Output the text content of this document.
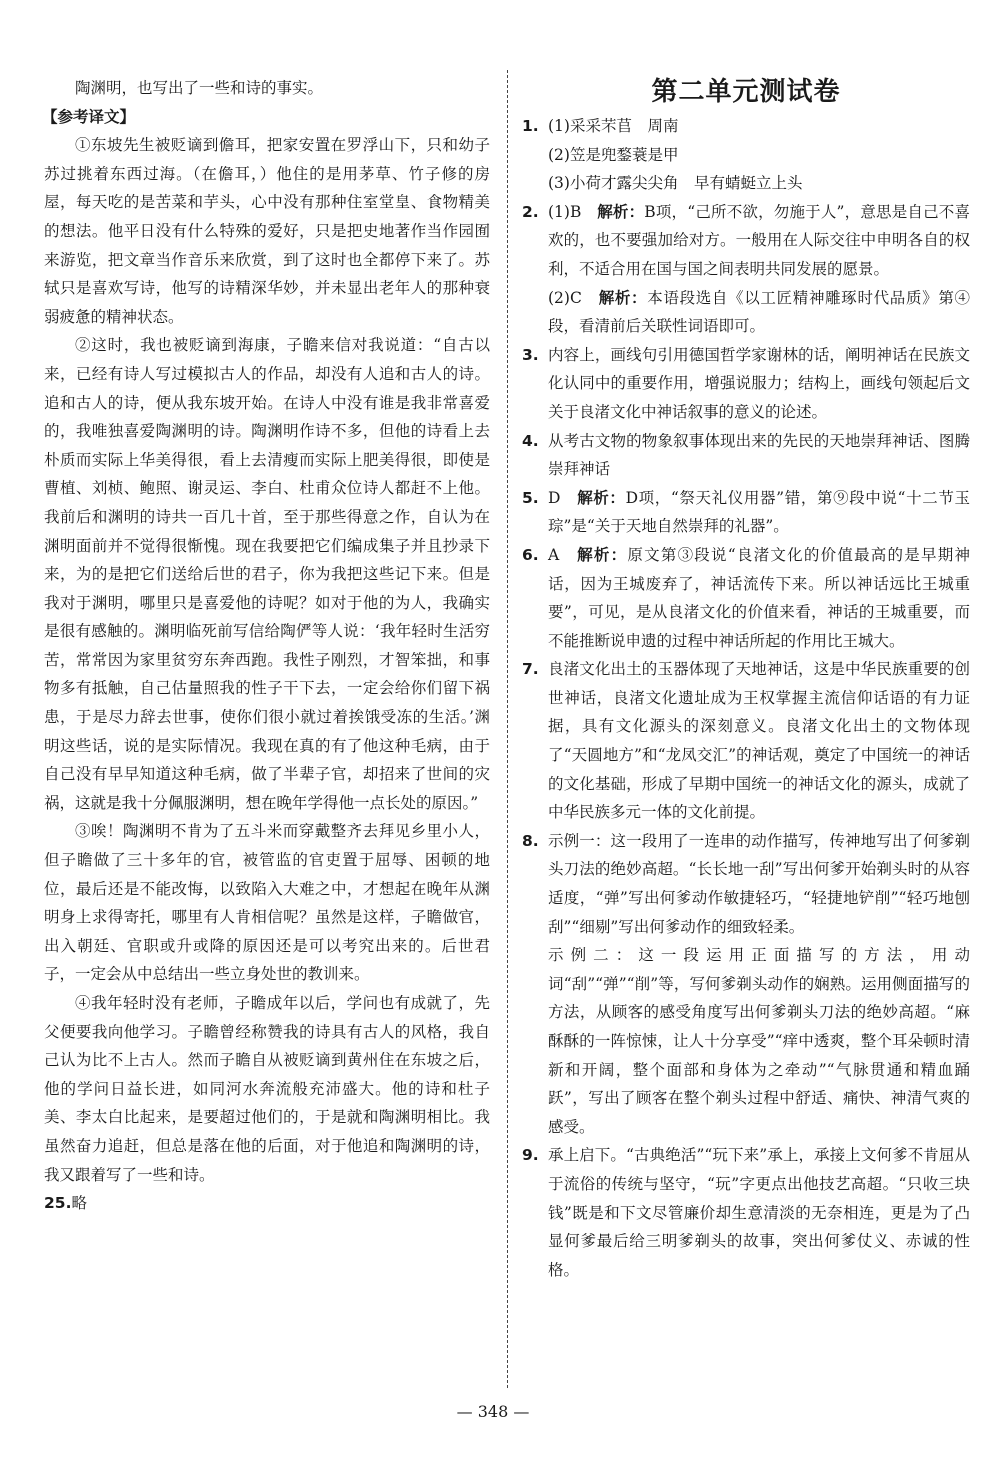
陶渊明，也写出了一些和诗的事实。

【参考译文】

①东坡先生被贬谪到儋耳，把家安置在罗浮山下，只和幼子苏过挑着东西过海。（在儋耳，）他住的是用茅草、竹子修的房屋，每天吃的是苦菜和芋头，心中没有那种住室堂皇、食物精美的想法。他平日没有什么特殊的爱好，只是把史地著作当作园囿来游览，把文章当作音乐来欣赏，到了这时也全都停下来了。苏轼只是喜欢写诗，他写的诗精深华妙，并未显出老年人的那种衰弱疲惫的精神状态。

②这时，我也被贬谪到海康，子瞻来信对我说道：“自古以来，已经有诗人写过模拟古人的作品，却没有人追和古人的诗。追和古人的诗，便从我东坡开始。在诗人中没有谁是我非常喜爱的，我唯独喜爱陶渊明的诗。陶渊明作诗不多，但他的诗看上去朴质而实际上华美得很，看上去清瘦而实际上肥美得很，即使是曹植、刘桢、鲍照、谢灵运、李白、杜甫众位诗人都赶不上他。我前后和渊明的诗共一百几十首，至于那些得意之作，自认为在渊明面前并不觉得很惭愧。现在我要把它们编成集子并且抄录下来，为的是把它们送给后世的君子，你为我把这些记下来。但是我对于渊明，哪里只是喜爱他的诗呢？如对于他的为人，我确实是很有感触的。渊明临死前写信给陶俨等人说：‘我年轻时生活穷苦，常常因为家里贫穷东奔西跑。我性子刚烈，才智笨拙，和事物多有抵触，自己估量照我的性子干下去，一定会给你们留下祸患，于是尽力辞去世事，使你们很小就过着挨饿受冻的生活。’渊明这些话，说的是实际情况。我现在真的有了他这种毛病，由于自己没有早早知道这种毛病，做了半辈子官，却招来了世间的灾祸，这就是我十分佩服渊明，想在晚年学得他一点长处的原因。”

③唉！陶渊明不肯为了五斗米而穿戴整齐去拜见乡里小人，但子瞻做了三十多年的官，被管监的官吏置于屈辱、困顿的地位，最后还是不能改悔，以致陷入大难之中，才想起在晚年从渊明身上求得寄托，哪里有人肯相信呢？虽然是这样，子瞻做官，出入朝廷、官职或升或降的原因还是可以考究出来的。后世君子，一定会从中总结出一些立身处世的教训来。

④我年轻时没有老师，子瞻成年以后，学问也有成就了，先父便要我向他学习。子瞻曾经称赞我的诗具有古人的风格，我自己认为比不上古人。然而子瞻自从被贬谪到黄州住在东坡之后，他的学问日益长进，如同河水奔流般充沛盛大。他的诗和杜子美、李太白比起来，是要超过他们的，于是就和陶渊明相比。我虽然奋力追赶，但总是落在他的后面，对于他追和陶渊明的诗，我又跟着写了一些和诗。

25.略

第二单元测试卷

1. (1)采采芣苢　周南

(2)笠是兜鍪蓑是甲

(3)小荷才露尖尖角　早有蜻蜓立上头

2. (1)B　 解析：B项，“己所不欲，勿施于人”，意思是自己不喜欢的，也不要强加给对方。一般用在人际交往中申明各自的权利，不适合用在国与国之间表明共同发展的愿景。

(2)C　 解析：本语段选自《以工匠精神雕琢时代品质》第④段，看清前后关联性词语即可。

3. 内容上，画线句引用德国哲学家谢林的话，阐明神话在民族文化认同中的重要作用，增强说服力；结构上，画线句领起后文关于良渚文化中神话叙事的意义的论述。

4. 从考古文物的物象叙事体现出来的先民的天地崇拜神话、图腾崇拜神话

5. D　 解析：D项，“祭天礼仪用器”错，第⑨段中说“十二节玉琮”是“关于天地自然崇拜的礼器”。

6. A　 解析：原文第③段说“良渚文化的价值最高的是早期神话，因为王城废弃了，神话流传下来。所以神话远比王城重要”，可见，是从良渚文化的价值来看，神话的王城重要，而不能推断说申遗的过程中神话所起的作用比王城大。

7. 良渚文化出土的玉器体现了天地神话，这是中华民族重要的创世神话，良渚文化遗址成为王权掌握主流信仰话语的有力证据，具有文化源头的深刻意义。良渚文化出土的文物体现了“天圆地方”和“龙凤交汇”的神话观，奠定了中国统一的神话的文化基础，形成了早期中国统一的神话文化的源头，成就了中华民族多元一体的文化前提。

8. 示例一：这一段用了一连串的动作描写，传神地写出了何爹剃头刀法的绝妙高超。“长长地一刮”写出何爹开始剃头时的从容适度，“弹”写出何爹动作敏捷轻巧，“轻捷地铲削”“轻巧地刨刮”“细剔”写出何爹动作的细致轻柔。

示例二：这一段运用正面描写的方法，用动词“刮”“弹”“削”等，写何爹剃头动作的娴熟。运用侧面描写的方法，从顾客的感受角度写出何爹剃头刀法的绝妙高超。“麻酥酥的一阵惊悚，让人十分享受”“痒中透爽，整个耳朵顿时清新和开阔，整个面部和身体为之牵动”“气脉贯通和精血踊跃”，写出了顾客在整个剃头过程中舒适、痛快、神清气爽的感受。

9. 承上启下。“古典绝活”“玩下来”承上，承接上文何爹不肯屈从于流俗的传统与坚守，“玩”字更点出他技艺高超。“只收三块钱”既是和下文尽管廉价却生意清淡的无奈相连，更是为了凸显何爹最后给三明爹剃头的故事，突出何爹仗义、赤诚的性格。

— 348 —
